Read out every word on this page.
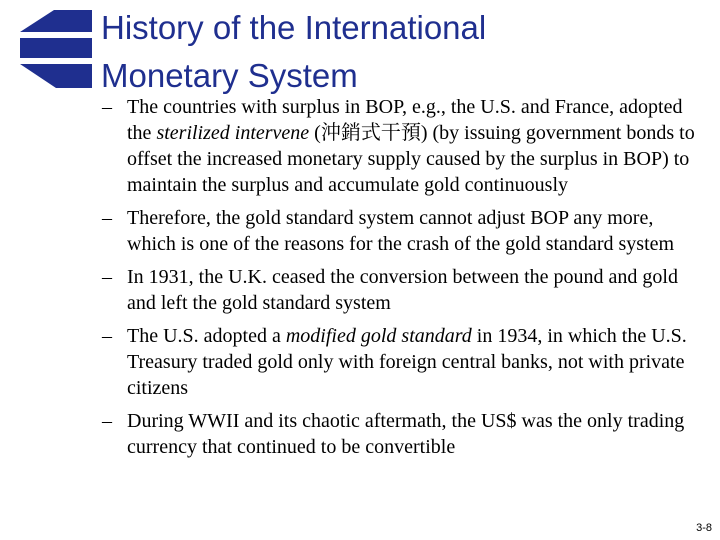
History of the International
Monetary System
– The countries with surplus in BOP, e.g., the U.S. and France, adopted the sterilized intervene (沖銷式干預) (by issuing government bonds to offset the increased monetary supply caused by the surplus in BOP) to maintain the surplus and accumulate gold continuously
– Therefore, the gold standard system cannot adjust BOP any more, which is one of the reasons for the crash of the gold standard system
– In 1931, the U.K. ceased the conversion between the pound and gold and left the gold standard system
– The U.S. adopted a modified gold standard in 1934, in which the U.S. Treasury traded gold only with foreign central banks, not with private citizens
– During WWII and its chaotic aftermath, the US$ was the only trading currency that continued to be convertible
3-8
